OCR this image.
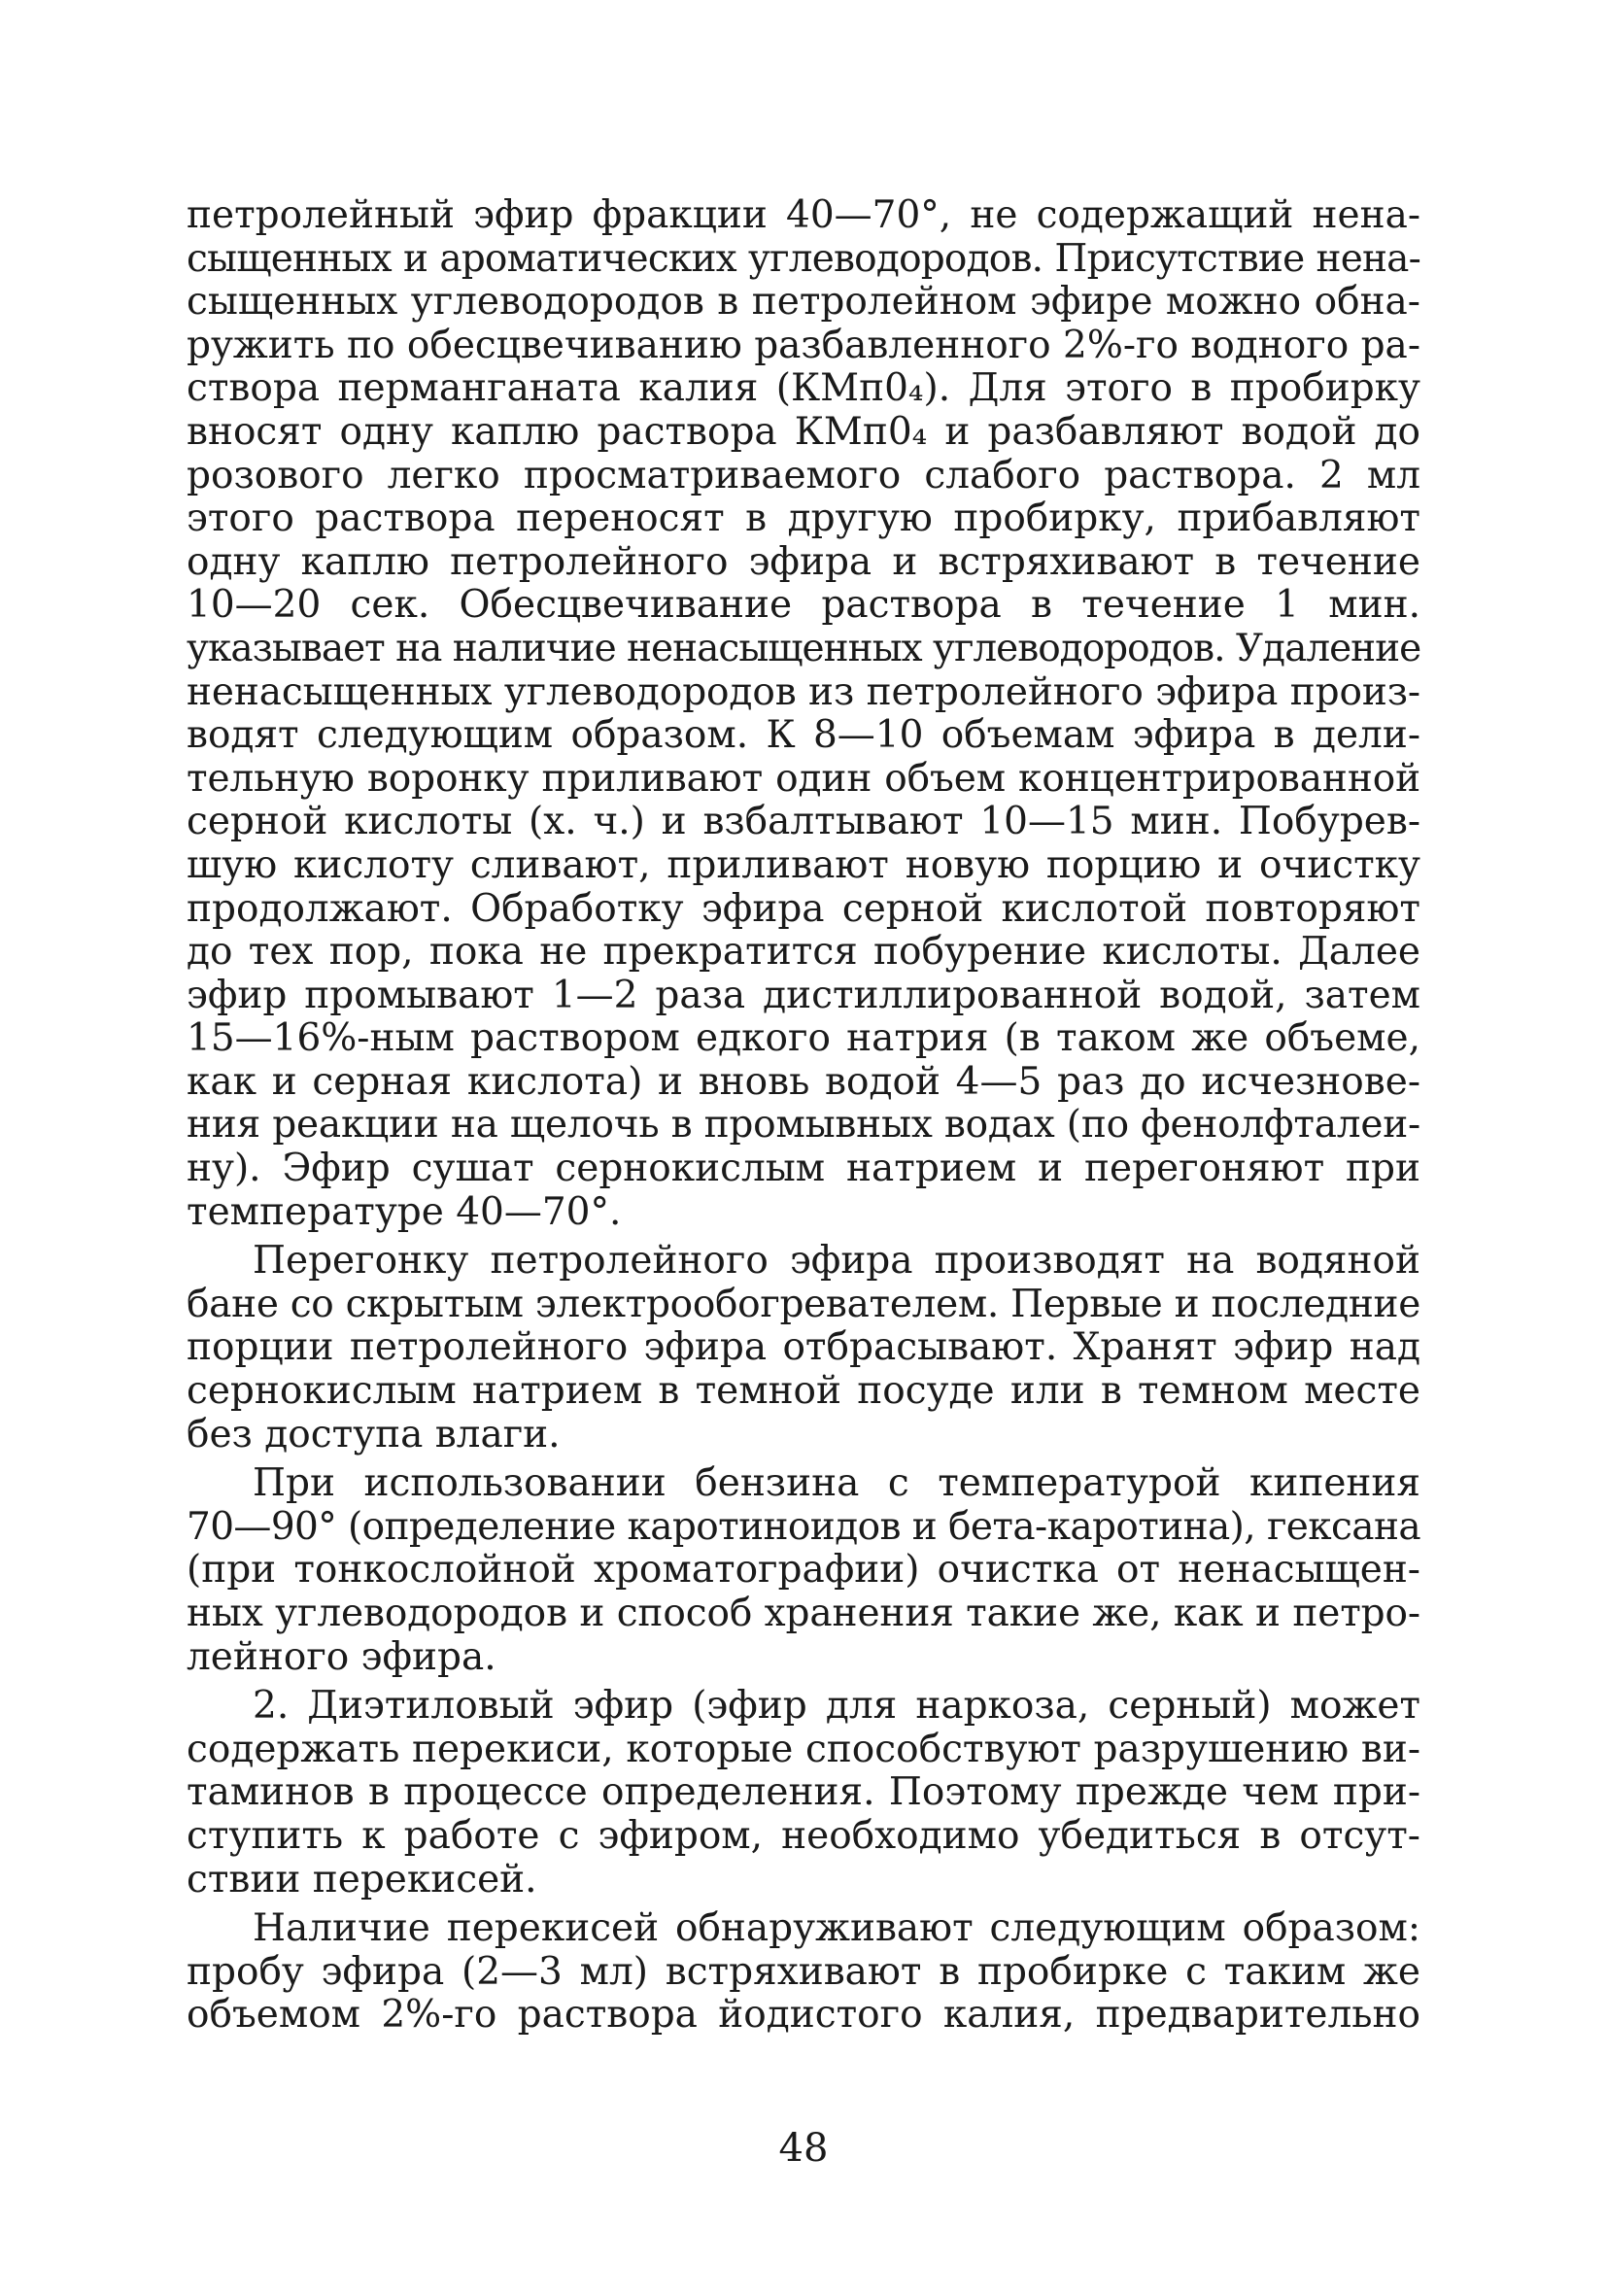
петролейный эфир фракции 40—70°, не содержащий нена-
сыщенных и ароматических углеводородов. Присутствие нена-
сыщенных углеводородов в петролейном эфире можно обна-
ружить по обесцвечиванию разбавленного 2%-го водного ра-
створа перманганата калия (КМп0₄). Для этого в пробирку
вносят одну каплю раствора КМп0₄ и разбавляют водой до
розового легко просматриваемого слабого раствора. 2 мл
этого раствора переносят в другую пробирку, прибавляют
одну каплю петролейного эфира и встряхивают в течение
10—20 сек. Обесцвечивание раствора в течение 1 мин.
указывает на наличие ненасыщенных углеводородов. Удаление
ненасыщенных углеводородов из петролейного эфира произ-
водят следующим образом. К 8—10 объемам эфира в дели-
тельную воронку приливают один объем концентрированной
серной кислоты (х. ч.) и взбалтывают 10—15 мин. Побурев-
шую кислоту сливают, приливают новую порцию и очистку
продолжают. Обработку эфира серной кислотой повторяют
до тех пор, пока не прекратится побурение кислоты. Далее
эфир промывают 1—2 раза дистиллированной водой, затем
15—16%-ным раствором едкого натрия (в таком же объеме,
как и серная кислота) и вновь водой 4—5 раз до исчезнове-
ния реакции на щелочь в промывных водах (по фенолфталеи-
ну). Эфир сушат сернокислым натрием и перегоняют при
температуре 40—70°.
Перегонку петролейного эфира производят на водяной
бане со скрытым электрообогревателем. Первые и последние
порции петролейного эфира отбрасывают. Хранят эфир над
сернокислым натрием в темной посуде или в темном месте
без доступа влаги.
При использовании бензина с температурой кипения
70—90° (определение каротиноидов и бета-каротина), гексана
(при тонкослойной хроматографии) очистка от ненасыщен-
ных углеводородов и способ хранения такие же, как и петро-
лейного эфира.
2. Диэтиловый эфир (эфир для наркоза, серный) может
содержать перекиси, которые способствуют разрушению ви-
таминов в процессе определения. Поэтому прежде чем при-
ступить к работе с эфиром, необходимо убедиться в отсут-
ствии перекисей.
Наличие перекисей обнаруживают следующим образом:
пробу эфира (2—3 мл) встряхивают в пробирке с таким же
объемом 2%-го раствора йодистого калия, предварительно
48
